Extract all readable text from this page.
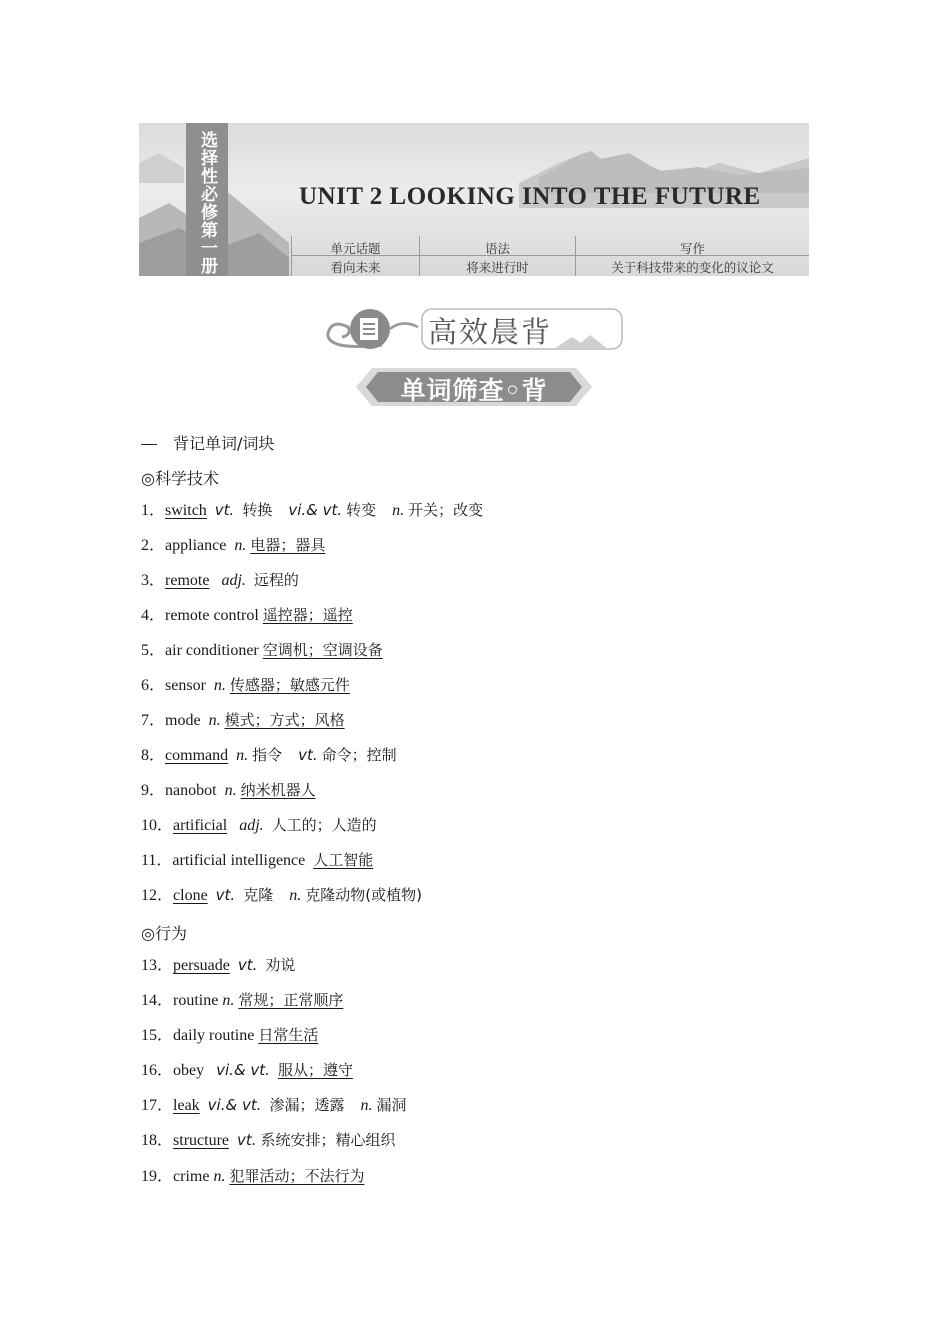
选择性必修第一册	UNIT 2 LOOKING INTO THE FUTURE
单元话题
看向未来
语法
将来进行时
写作
关于科技带来的变化的议论文
高效晨背
单词筛查◦背
背记单词/词块
◎科学技术
1．switch vt. 转换 vi.& vt. 转变 n. 开关；改变
2．appliance n. 电器；器具
3．remote adj. 远程的
4．remote control 遥控器；遥控
5．air conditioner 空调机；空调设备
6．sensor n. 传感器；敏感元件
7．mode n. 模式；方式；风格
8．command n. 指令 vt. 命令；控制
9．nanobot n. 纳米机器人
10．artificial adj. 人工的；人造的
11．artificial intelligence 人工智能
12．clone vt. 克隆 n. 克隆动物(或植物)
◎行为
13．persuade vt. 劝说
14．routine n. 常规；正常顺序
15．daily routine 日常生活
16．obey vi.& vt. 服从；遵守
17．leak vi.& vt. 渗漏；透露 n. 漏洞
18．structure vt. 系统安排；精心组织
19．crime n. 犯罪活动；不法行为
